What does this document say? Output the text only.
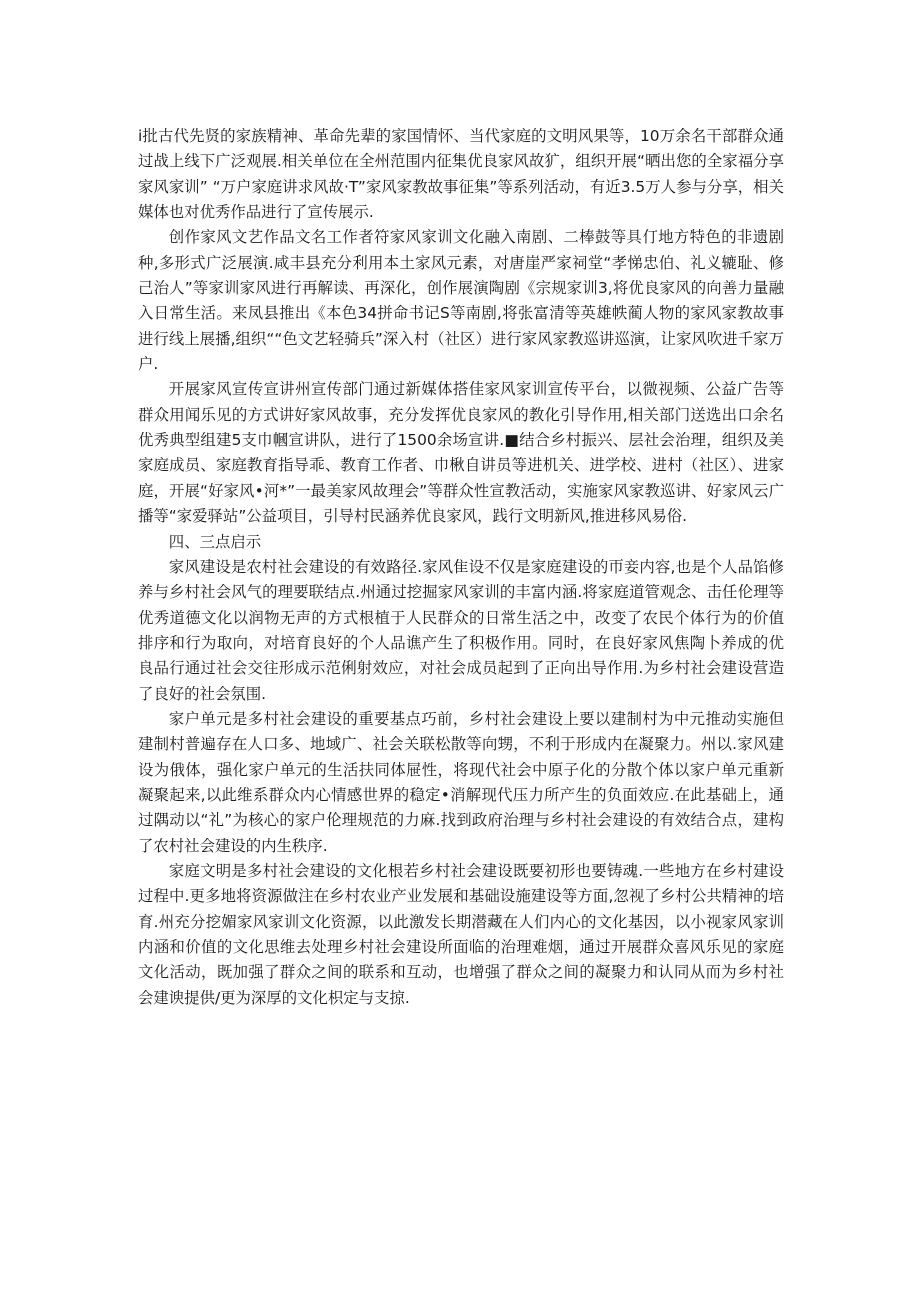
i批古代先贤的家族精神、革命先辈的家国情怀、当代家庭的文明风果等，10万余名干部群众通过战上线下广泛观展.相关单位在全州范围内征集优良家风故犷，组织开展“晒出您的全家福分享家风家训” “万户家庭讲求风故·T”家风家教故事征集”等系列活动，有近3.5万人参与分享，相关媒体也对优秀作品进行了宣传展示.

创作家风文艺作品文名工作者符家风家训文化融入南剧、二棒鼓等具仃地方特色的非遗剧种,多形式广泛展演.咸丰县充分利用本土家风元素，对唐崖严家祠堂“孝悌忠伯、礼义辘耻、修己治人”等家训家风进行再解读、再深化，创作展演陶剧《宗规家训3,将优良家风的向善力量融入日常生活。来凤县推出《本色34拼命书记S等南剧,将张富清等英雄帙蔺人物的家风家教故事进行线上展播,组织““色文艺轻骑兵”深入村（社区）进行家风家教巡讲巡演，让家风吹进千家万户.

开展家风宣传宣讲州宣传部门通过新媒体搭佳家风家训宣传平台，以微视频、公益广告等群众用闻乐见的方式讲好家风故事，充分发挥优良家风的教化引导作用,相关部门送选出口余名优秀典型组建5支巾幗宣讲队，进行了1500余场宣讲.■结合乡村振兴、层社会治理，组织及美家庭成员、家庭教育指导乖、教育工作者、巾楸自讲员等进机关、进学校、进村（社区）、进家庭，开展“好家风•河*”一最美家风故理会”等群众性宣教活动，实施家风家教巡讲、好家风云广播等“家爱驿站”公益项目，引导村民涵养优良家风，践行文明新风,推进移风易俗.

四、三点启示

家风建设是农村社会建设的有效路径.家风隹设不仅是家庭建设的帀妾内容,也是个人品馅修养与乡村社会风气的理要联结点.州通过挖掘家风家训的丰富内涵.将家庭道管观念、击任伦理等优秀道德文化以润物无声的方式根植于人民群众的日常生活之中，改变了农民个体行为的价值排序和行为取向，对培育良好的个人品谯产生了积极作用。同时，在良好家风焦陶卜养成的优良品行通过社会交往形成示范俐射效应，对社会成员起到了正向出导作用.为乡村社会建设营造了良好的社会氛围.

家户单元是多村社会建设的重要基点巧前，乡村社会建设上要以建制村为中元推动实施但建制村普遍存在人口多、地域广、社会关联松散等向甥，不利于形成内在凝聚力。州以.家风建设为俄体，强化家户单元的生活扶同体屉性，将现代社会中原子化的分散个体以家户单元重新凝聚起来,以此维系群众内心情感世界的稳定•消解现代压力所产生的负面效应.在此基础上，通过隅动以“礼”为核心的家户伦理规范的力麻.找到政府治理与乡村社会建设的有效结合点，建构了农村社会建设的内生秩序.

家庭文明是多村社会建设的文化根若乡村社会建设既要初形也要铸魂.一些地方在乡村建设过程中.更多地将资源做注在乡村农业产业发展和基础设施建设等方面,忽视了乡村公共精神的培育.州充分挖媚家风家训文化资源，以此激发长期潜藏在人们内心的文化基因，以小视家风家训内涵和价值的文化思维去处理乡村社会建设所面临的治理难烟，通过开展群众喜风乐见的家庭文化活动，既加强了群众之间的联系和互动，也增强了群众之间的凝聚力和认同从而为乡村社会建谀提供/更为深厚的文化枳定与支掠.
